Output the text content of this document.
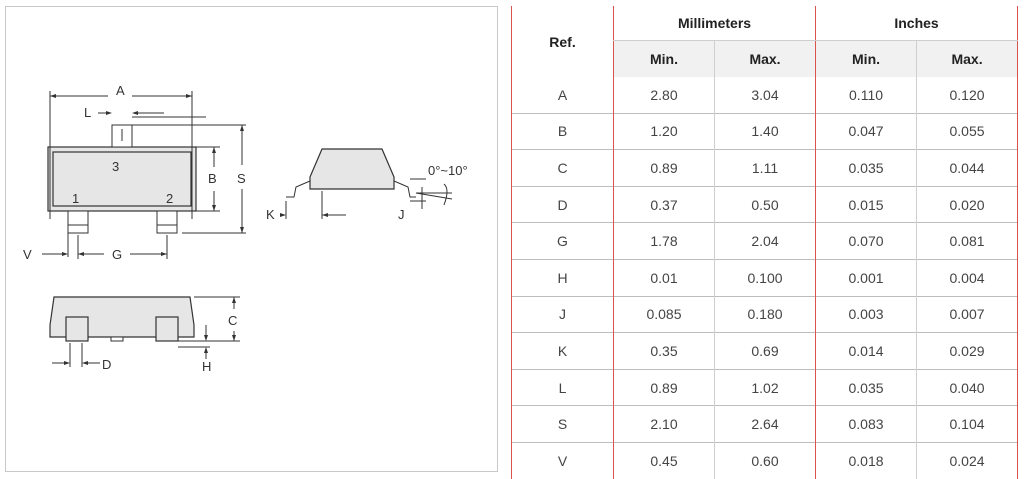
A
L
3
1	2
B S
V	G
K	J
0°~10°
C
H
D
Ref.	Millimeters		Inches	
	Min.	Max.	Min.	Max.
A	2.80	3.04	0.110	0.120
B	1.20	1.40	0.047	0.055
C	0.89	1.11	0.035	0.044
D	0.37	0.50	0.015	0.020
G	1.78	2.04	0.070	0.081
H	0.01	0.100	0.001	0.004
J	0.085	0.180	0.003	0.007
K	0.35	0.69	0.014	0.029
L	0.89	1.02	0.035	0.040
S	2.10	2.64	0.083	0.104
V	0.45	0.60	0.018	0.024
